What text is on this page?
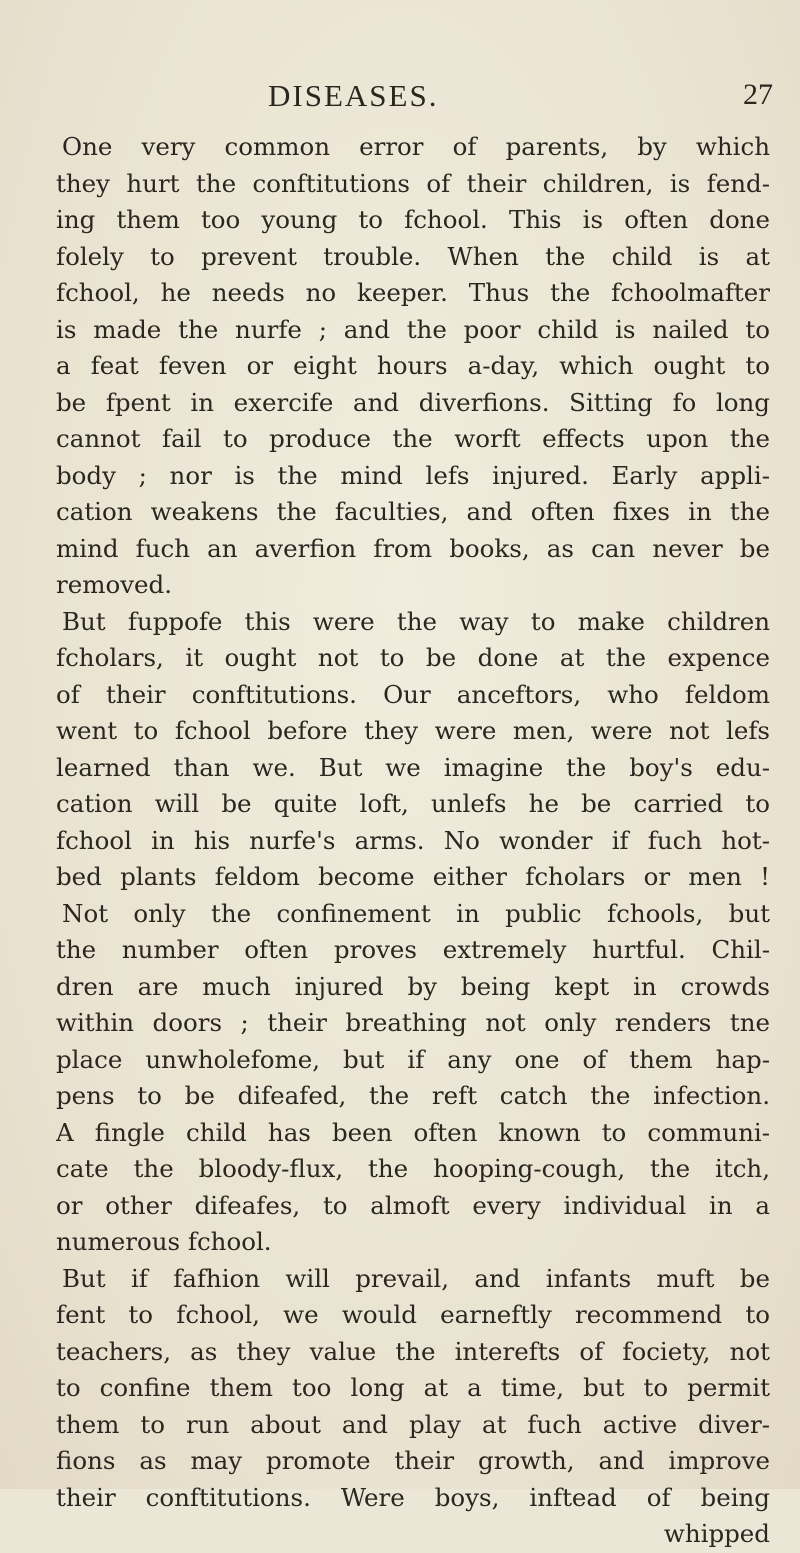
DISEASES.	27
One very common error of parents, by which
they hurt the conftitutions of their children, is fend-
ing them too young to fchool. This is often done
folely to prevent trouble. When the child is at
fchool, he needs no keeper. Thus the fchoolmafter
is made the nurfe ; and the poor child is nailed to
a feat feven or eight hours a-day, which ought to
be fpent in exercife and diverfions. Sitting fo long
cannot fail to produce the worft effects upon the
body ; nor is the mind lefs injured. Early appli-
cation weakens the faculties, and often fixes in the
mind fuch an averfion from books, as can never be
removed.
But fuppofe this were the way to make children
fcholars, it ought not to be done at the expence
of their conftitutions. Our anceftors, who feldom
went to fchool before they were men, were not lefs
learned than we. But we imagine the boy's edu-
cation will be quite loft, unlefs he be carried to
fchool in his nurfe's arms. No wonder if fuch hot-
bed plants feldom become either fcholars or men !
Not only the confinement in public fchools, but
the number often proves extremely hurtful. Chil-
dren are much injured by being kept in crowds
within doors ; their breathing not only renders tne
place unwholefome, but if any one of them hap-
pens to be difeafed, the reft catch the infection.
A fingle child has been often known to communi-
cate the bloody-flux, the hooping-cough, the itch,
or other difeafes, to almoft every individual in a
numerous fchool.
But if fafhion will prevail, and infants muft be
fent to fchool, we would earneftly recommend to
teachers, as they value the interefts of fociety, not
to confine them too long at a time, but to permit
them to run about and play at fuch active diver-
fions as may promote their growth, and improve
their conftitutions. Were boys, inftead of being
whipped
